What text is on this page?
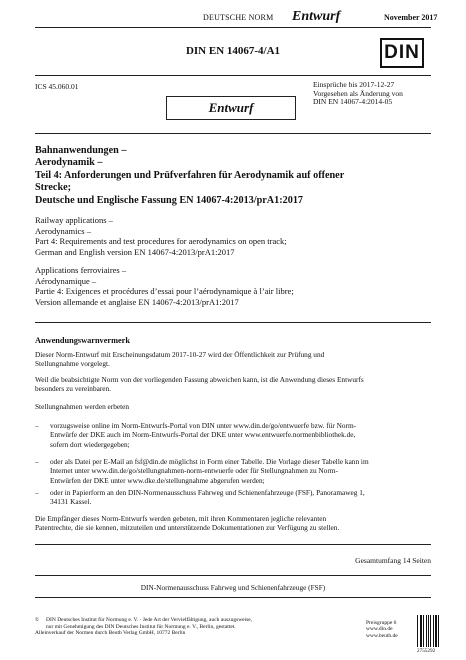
DEUTSCHE NORM Entwurf	November 2017
DIN EN 14067-4/A1	DIN
ICS 45.060.01	Einsprüche bis 2017-12-27
Vorgesehen als Änderung von
DIN EN 14067-4:2014-05
Entwurf
Bahnanwendungen –
Aerodynamik –
Teil 4: Anforderungen und Prüfverfahren für Aerodynamik auf offener
Strecke;
Deutsche und Englische Fassung EN 14067-4:2013/prA1:2017
Railway applications –
Aerodynamics –
Part 4: Requirements and test procedures for aerodynamics on open track;
German and English version EN 14067-4:2013/prA1:2017
Applications ferroviaires –
Aérodynamique –
Partie 4: Exigences et procédures d’essai pour l’aérodynamique à l’air libre;
Version allemande et anglaise EN 14067-4:2013/prA1:2017
Anwendungswarnvermerk
Dieser Norm-Entwurf mit Erscheinungsdatum 2017-10-27 wird der Öffentlichkeit zur Prüfung und
Stellungnahme vorgelegt.
Weil die beabsichtigte Norm von der vorliegenden Fassung abweichen kann, ist die Anwendung dieses Entwurfs
besonders zu vereinbaren.
Stellungnahmen werden erbeten
– vorzugsweise online im Norm-Entwurfs-Portal von DIN unter www.din.de/go/entwuerfe bzw. für Norm-
Entwürfe der DKE auch im Norm-Entwurfs-Portal der DKE unter www.entwuerfe.normenbibliothek.de,
sofern dort wiedergegeben;
– oder als Datei per E-Mail an fsf@din.de möglichst in Form einer Tabelle. Die Vorlage dieser Tabelle kann im
Internet unter www.din.de/go/stellungnahmen-norm-entwuerfe oder für Stellungnahmen zu Norm-
Entwürfen der DKE unter www.dke.de/stellungnahme abgerufen werden;
– oder in Papierform an den DIN-Normenausschuss Fahrweg und Schienenfahrzeuge (FSF), Panoramaweg 1,
34131 Kassel.
Die Empfänger dieses Norm-Entwurfs werden gebeten, mit ihren Kommentaren jegliche relevanten
Patentrechte, die sie kennen, mitzuteilen und unterstützende Dokumentationen zur Verfügung zu stellen.
Gesamtumfang 14 Seiten
DIN-Normenausschuss Fahrweg und Schienenfahrzeuge (FSF)
©     DIN Deutsches Institut für Normung e. V. · Jede Art der Vervielfältigung, auch auszugsweise,
nur mit Genehmigung des DIN Deutsches Institut für Normung e. V., Berlin, gestattet.
Alleinverkauf der Normen durch Beuth Verlag GmbH, 10772 Berlin
Preisgruppe 6
www.din.de
www.beuth.de
2755292
